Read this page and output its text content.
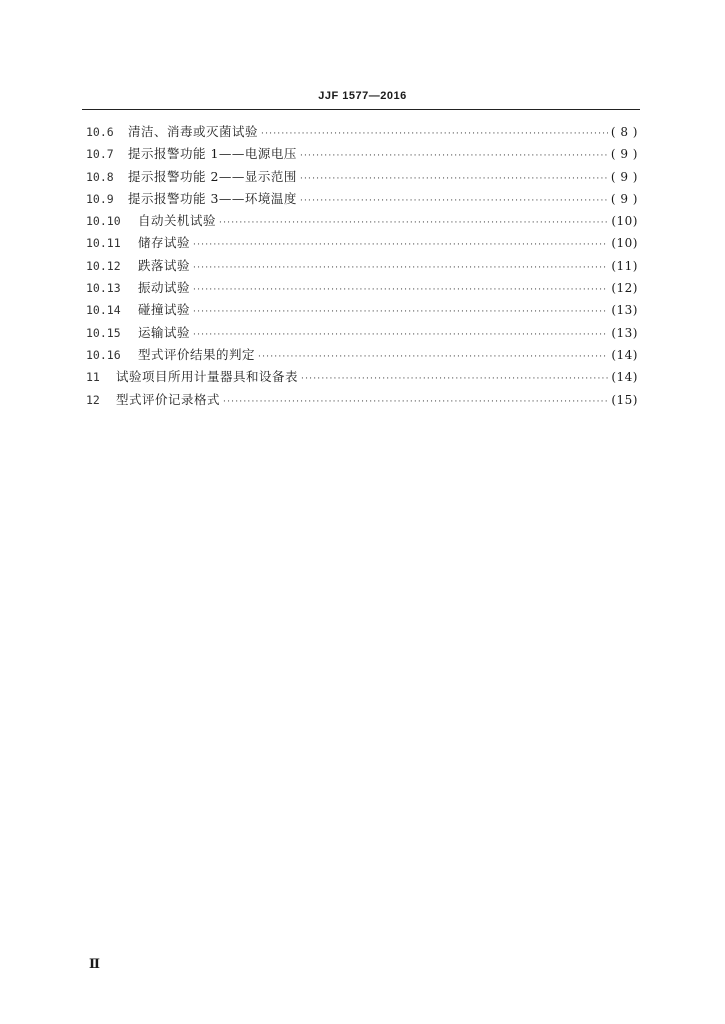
JJF 1577—2016
10.6	清洁、消毒或灭菌试验 ·····	( 8 )
10.7	提示报警功能 1——电源电压 ·····	( 9 )
10.8	提示报警功能 2——显示范围 ·····	( 9 )
10.9	提示报警功能 3——环境温度 ·····	( 9 )
10.10	自动关机试验 ·····	(10)
10.11	储存试验 ·····	(10)
10.12	跌落试验 ·····	(11)
10.13	振动试验 ·····	(12)
10.14	碰撞试验 ·····	(13)
10.15	运输试验 ·····	(13)
10.16	型式评价结果的判定 ·····	(14)
11	试验项目所用计量器具和设备表 ·····	(14)
12	型式评价记录格式 ·····	(15)
Ⅱ
